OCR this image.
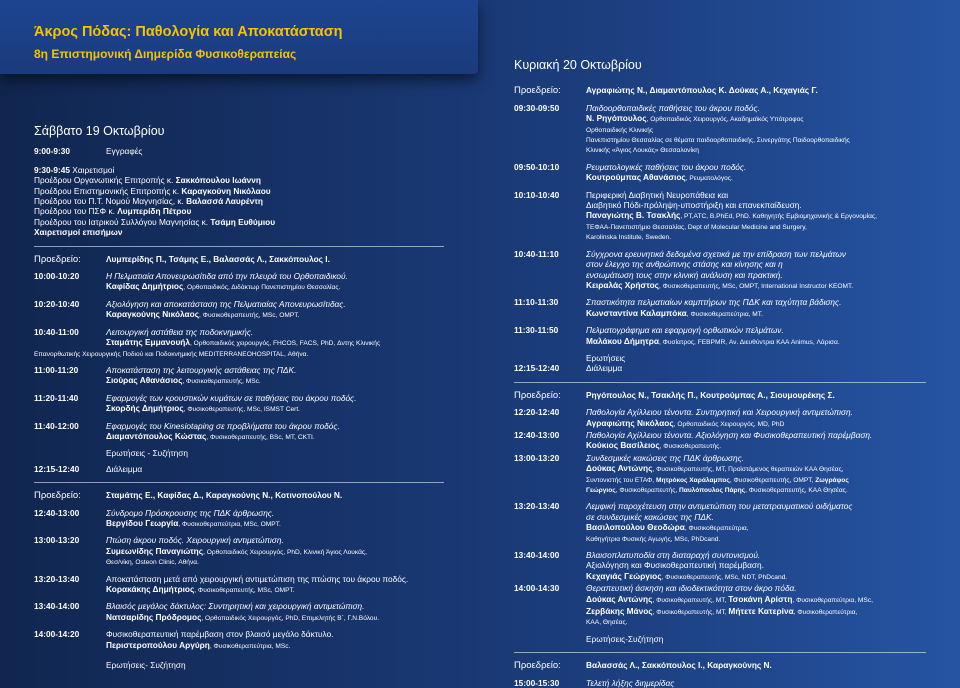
Άκρος Πόδας: Παθολογία και Αποκατάσταση
8η Επιστημονική Διημερίδα Φυσικοθεραπείας
Σάββατο 19 Οκτωβρίου
9:00-9:30	Εγγραφές
9:30-9:45 Χαιρετισμοί
Προέδρου Οργανωτικής Επιτροπής κ. Σακκόπουλου Ιωάννη
Προέδρου Επιστημονικής Επιτροπής κ. Καραγκούνη Νικόλαου
Προέδρου του Π.Τ. Νομού Μαγνησίας, κ. Βαλασσά Λαυρέντη
Προέδρου του ΠΣΦ κ. Λυμπερίδη Πέτρου
Προέδρου του Ιατρικού Συλλόγου Μαγνησίας κ. Τσάμη Ευθύμιου
Χαιρετισμοί επισήμων
Προεδρείο:	Λυμπερίδης Π., Τσάμης Ε., Βαλασσάς Λ., Σακκόπουλος Ι.
10:00-10:20	Η Πελματιαία Απονευρωσίτιδα από την πλευρά του Ορθοπαιδικού.
Καφίδας Δημήτριος, Ορθοπαιδικός, Διδάκτωρ Πανεπιστημίου Θεσσαλίας.
10:20-10:40	Αξιολόγηση και αποκατάσταση της Πελματιαίας Απονευρωσίτιδας.
Καραγκούνης Νικόλαος, Φυσικοθεραπευτής, MSc, OMPT.
10:40-11:00	Λειτουργική αστάθεια της ποδοκνημικής.
Σταμάτης Εμμανουήλ, Ορθοπαιδικός χειρουργός, FHCOS, FACS, PhD, Δντης Κλινικής
Επανορθωτικής Χειρουργικής Ποδιού και Ποδοκνημικής MEDITERRANEOHOSPITAL, Αθήνα.
11:00-11:20	Αποκατάσταση της λειτουργικής αστάθειας της ΠΔΚ.
Σιούρας Αθανάσιος, Φυσικοθεραπευτής, MSc.
11:20-11:40	Εφαρμογές των κρουστικών κυμάτων σε παθήσεις του άκρου ποδός.
Σκορδής Δημήτριος, Φυσικοθεραπευτής, MSc, ISMST Cert.
11:40-12:00	Εφαρμογές του Kinesiotaping σε προβλήματα του άκρου ποδός.
Διαμαντόπουλος Κώστας, Φυσικοθεραπευτής, BSc, MT, CKTI.
Ερωτήσεις - Συζήτηση
12:15-12:40	Διάλειμμα
Προεδρείο:	Σταμάτης Ε., Καφίδας Δ., Καραγκούνης Ν., Κοτινοπούλου Ν.
12:40-13:00	Σύνδρομο Πρόσκρουσης της ΠΔΚ άρθρωσης.
Βεργίδου Γεωργία, Φυσικοθεραπεύτρια, MSc, OMPT.
13:00-13:20	Πτώση άκρου ποδός. Χειρουργική αντιμετώπιση.
Συμεωνίδης Παναγιώτης, Ορθοπαιδικός Χειρουργός, PhD, Κλινική Άγιος Λουκάς,
Θεσ/νίκη, Osteon Clinic, Αθήνα.
13:20-13:40	Αποκατάσταση μετά από χειρουργική αντιμετώπιση της πτώσης του άκρου ποδός.
Κορακάκης Δημήτριος, Φυσικοθεραπευτής, MSc, OMPT.
13:40-14:00	Βλαισός μεγάλος δάκτυλος: Συντηρητική και χειρουργική αντιμετώπιση.
Νατσαρίδης Πρόδρομος, Ορθοπαιδικός Χειρουργός, PhD, Επιμελητής Β΄, Γ.Ν.Βόλου.
14:00-14:20	Φυσικοθεραπευτική παρέμβαση στον βλαισό μεγάλο δάκτυλο.
Περιστεροπούλου Αργύρη, Φυσικοθεραπεύτρια, MSc.
Ερωτήσεις- Συζήτηση
Κυριακή 20 Οκτωβρίου
Προεδρείο:	Αγραφιώτης Ν., Διαμαντόπουλος Κ. Δούκας Α., Κεχαγιάς Γ.
09:30-09:50	Παιδοορθοπαιδικές παθήσεις του άκρου ποδός.
Ν. Ρηγόπουλος, Ορθοπαιδικός Χειρουργός, Ακαδημαϊκός Υπότροφος
Ορθοπαιδικής Κλινικής
Πανεπιστημίου Θεσσαλίας σε θέματα παιδοορθοπαιδικής, Συνεργάτης Παιδοορθοπαιδικής
Κλινικής «Άγιος Λουκάς» Θεσσαλονίκη
09:50-10:10	Ρευματολογικές παθήσεις του άκρου ποδός.
Κουτρούμπας Αθανάσιος, Ρευματολόγος.
10:10-10:40	Περιφερική Διαβητική Νευροπάθεια και
Διαβητικό Πόδι-πρόληψη-υποστήριξη και επανεκπαίδευση.
Παναγιώτης Β. Τσακλής, PT,ATC, B.PhEd, PhD. Καθηγητής Εμβιομηχανικής & Εργονομίας,
ΤΕΦΑΑ-Πανεπιστήμιο Θεσσαλίας, Dept of Molecular Medicine and Surgery,
Karolinska Institute, Sweden.
10:40-11:10	Σύγχρονα ερευνητικά δεδομένα σχετικά με την επίδραση των πελμάτων
στον έλεγχο της ανθρώπινης στάσης και κίνησης και η
ενσωμάτωση τους στην κλινική ανάλυση και πρακτική.
Κειραλάς Χρήστος, Φυσικοθεραπευτής, MSc, OMPT, International Instructor KEOMT.
11:10-11:30	Σπαστικότητα πελματιαίων καμπτήρων της ΠΔΚ και ταχύτητα βάδισης.
Κωνσταντίνα Καλαμπόκα, Φυσικοθεραπεύτρια, MT.
11:30-11:50	Πελματογράφημα και εφαρμογή ορθωτικών πελμάτων.
Μαλάκου Δήμητρα, Φυσίατρος, FEBPMR, Αν. Διευθύντρια ΚΑΑ Animus, Λάρισα.
Ερωτήσεις
12:15-12:40	Διάλειμμα
Προεδρείο:	Ρηγόπουλος Ν., Τσακλής Π., Κουτρούμπας Α., Σιουμουρέκης Σ.
12:20-12:40	Παθολογία Αχίλλειου τένοντα. Συντηρητική και Χειρουργική αντιμετώπιση.
Αγραφιώτης Νικόλαος, Ορθοπαιδικός Χειρουργός, MD, PhD
12:40-13:00	Παθολογία Αχίλλειου τένοντα. Αξιολόγηση και Φυσικοθεραπευτική παρέμβαση.
Κούκιος Βασίλειος, Φυσικοθεραπευτής.
13:00-13:20	Συνδεσμικές κακώσεις της ΠΔΚ άρθρωσης.
Δούκας Αντώνης, Φυσικοθεραπευτής, MT, Προϊστάμενος θεραπειών ΚΑΑ Θησέας,
Συντονιστής του ΕΤΑΦ, Μητρόκος Χαράλαμπος, Φυσικοθεραπευτής, OMPT, Ζωγράφος
Γεώργιος, Φυσικοθεραπευτής, Παυλόπουλος Πάρης, Φυσικοθεραπευτής, ΚΑΑ Θησέας.
13:20-13:40	Λεμφική παροχέτευση στην αντιμετώπιση του μετατραυματικού οιδήματος
σε συνδεσμικές κακώσεις της ΠΔΚ.
Βασιλοπούλου Θεοδώρα, Φυσικοθεραπεύτρια,
Καθηγήτρια Φυσικής Αγωγής, MSc, PhDcand.
13:40-14:00	Βλαισοπλατυποδία στη διαταραχή συντονισμού.
Αξιολόγηση και Φυσικοθεραπευτική παρέμβαση.
Κεχαγιάς Γεώργιος, Φυσικοθεραπευτής, MSc, NDT, PhDcand.
14:00-14:30	Θεραπευτική άσκηση και ιδιοδεκτικότητα στον άκρο πόδα.
Δούκας Αντώνης, Φυσικοθεραπευτής, MT, Τσοκάνη Αρίστη, Φυσικοθεραπεύτρια, MSc,
Ζερβάκης Μάνος, Φυσικοθεραπευτής, MT, Μήτετε Κατερίνα, Φυσικοθεραπεύτρια,
ΚΑΑ, Θησέας.
Ερωτήσεις-Συζήτηση
Προεδρείο:	Βαλασσάς Λ., Σακκόπουλος Ι., Καραγκούνης Ν.
15:00-15:30	Τελετή λήξης διημερίδας
